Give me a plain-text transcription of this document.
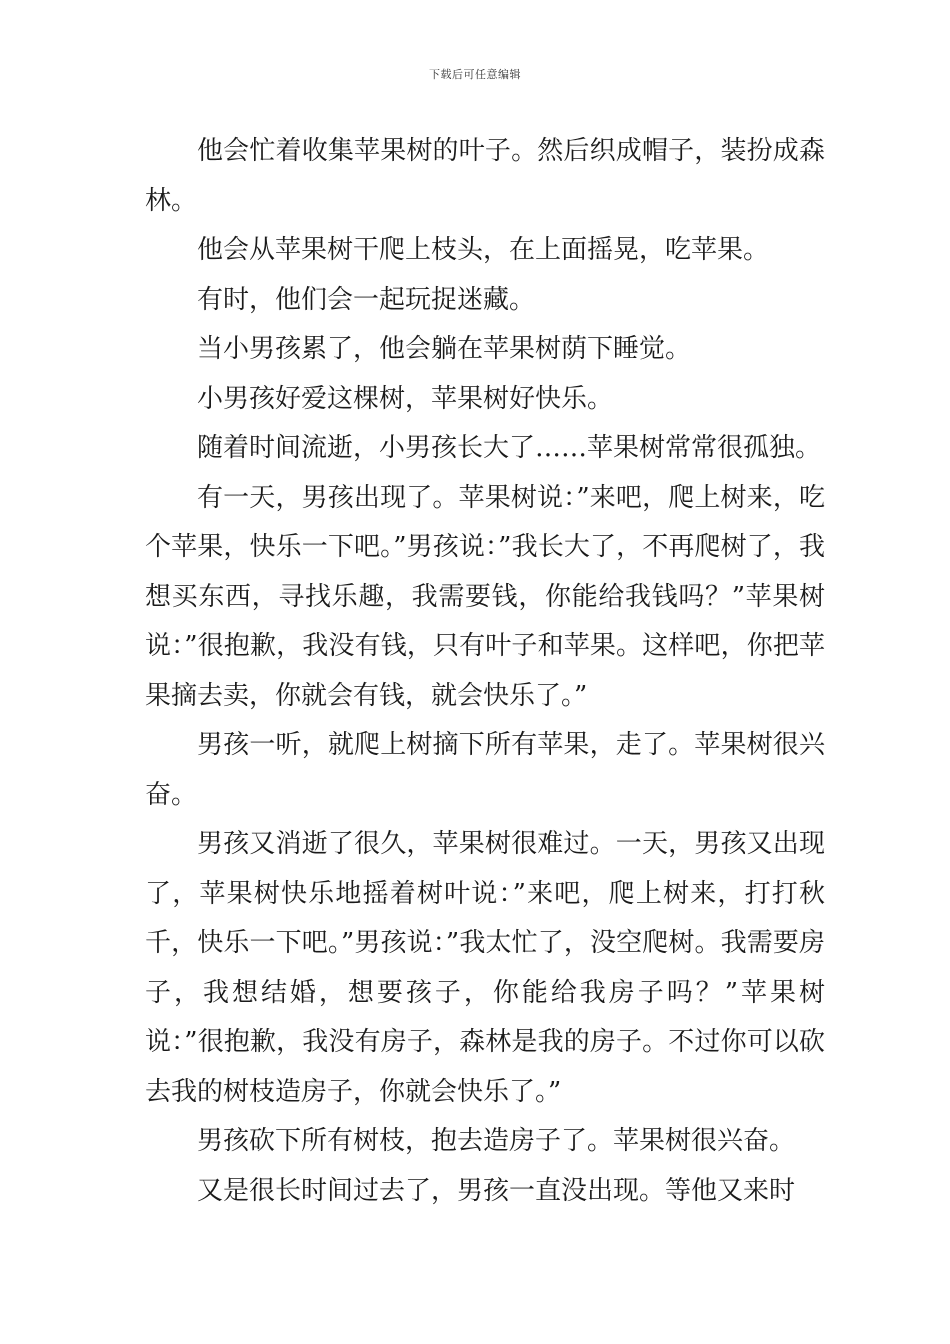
下载后可任意编辑

他会忙着收集苹果树的叶子。然后织成帽子，装扮成森林。

他会从苹果树干爬上枝头，在上面摇晃，吃苹果。

有时，他们会一起玩捉迷藏。

当小男孩累了，他会躺在苹果树荫下睡觉。

小男孩好爱这棵树，苹果树好快乐。

随着时间流逝，小男孩长大了……苹果树常常很孤独。

有一天，男孩出现了。苹果树说：”来吧，爬上树来，吃个苹果，快乐一下吧。”男孩说：”我长大了，不再爬树了，我想买东西，寻找乐趣，我需要钱，你能给我钱吗？”苹果树说：”很抱歉，我没有钱，只有叶子和苹果。这样吧，你把苹果摘去卖，你就会有钱，就会快乐了。”

男孩一听，就爬上树摘下所有苹果，走了。苹果树很兴奋。

男孩又消逝了很久，苹果树很难过。一天，男孩又出现了，苹果树快乐地摇着树叶说：”来吧，爬上树来，打打秋千，快乐一下吧。”男孩说：”我太忙了，没空爬树。我需要房子，我想结婚，想要孩子，你能给我房子吗？”苹果树说：”很抱歉，我没有房子，森林是我的房子。不过你可以砍去我的树枝造房子，你就会快乐了。”

男孩砍下所有树枝，抱去造房子了。苹果树很兴奋。

又是很长时间过去了，男孩一直没出现。等他又来时
